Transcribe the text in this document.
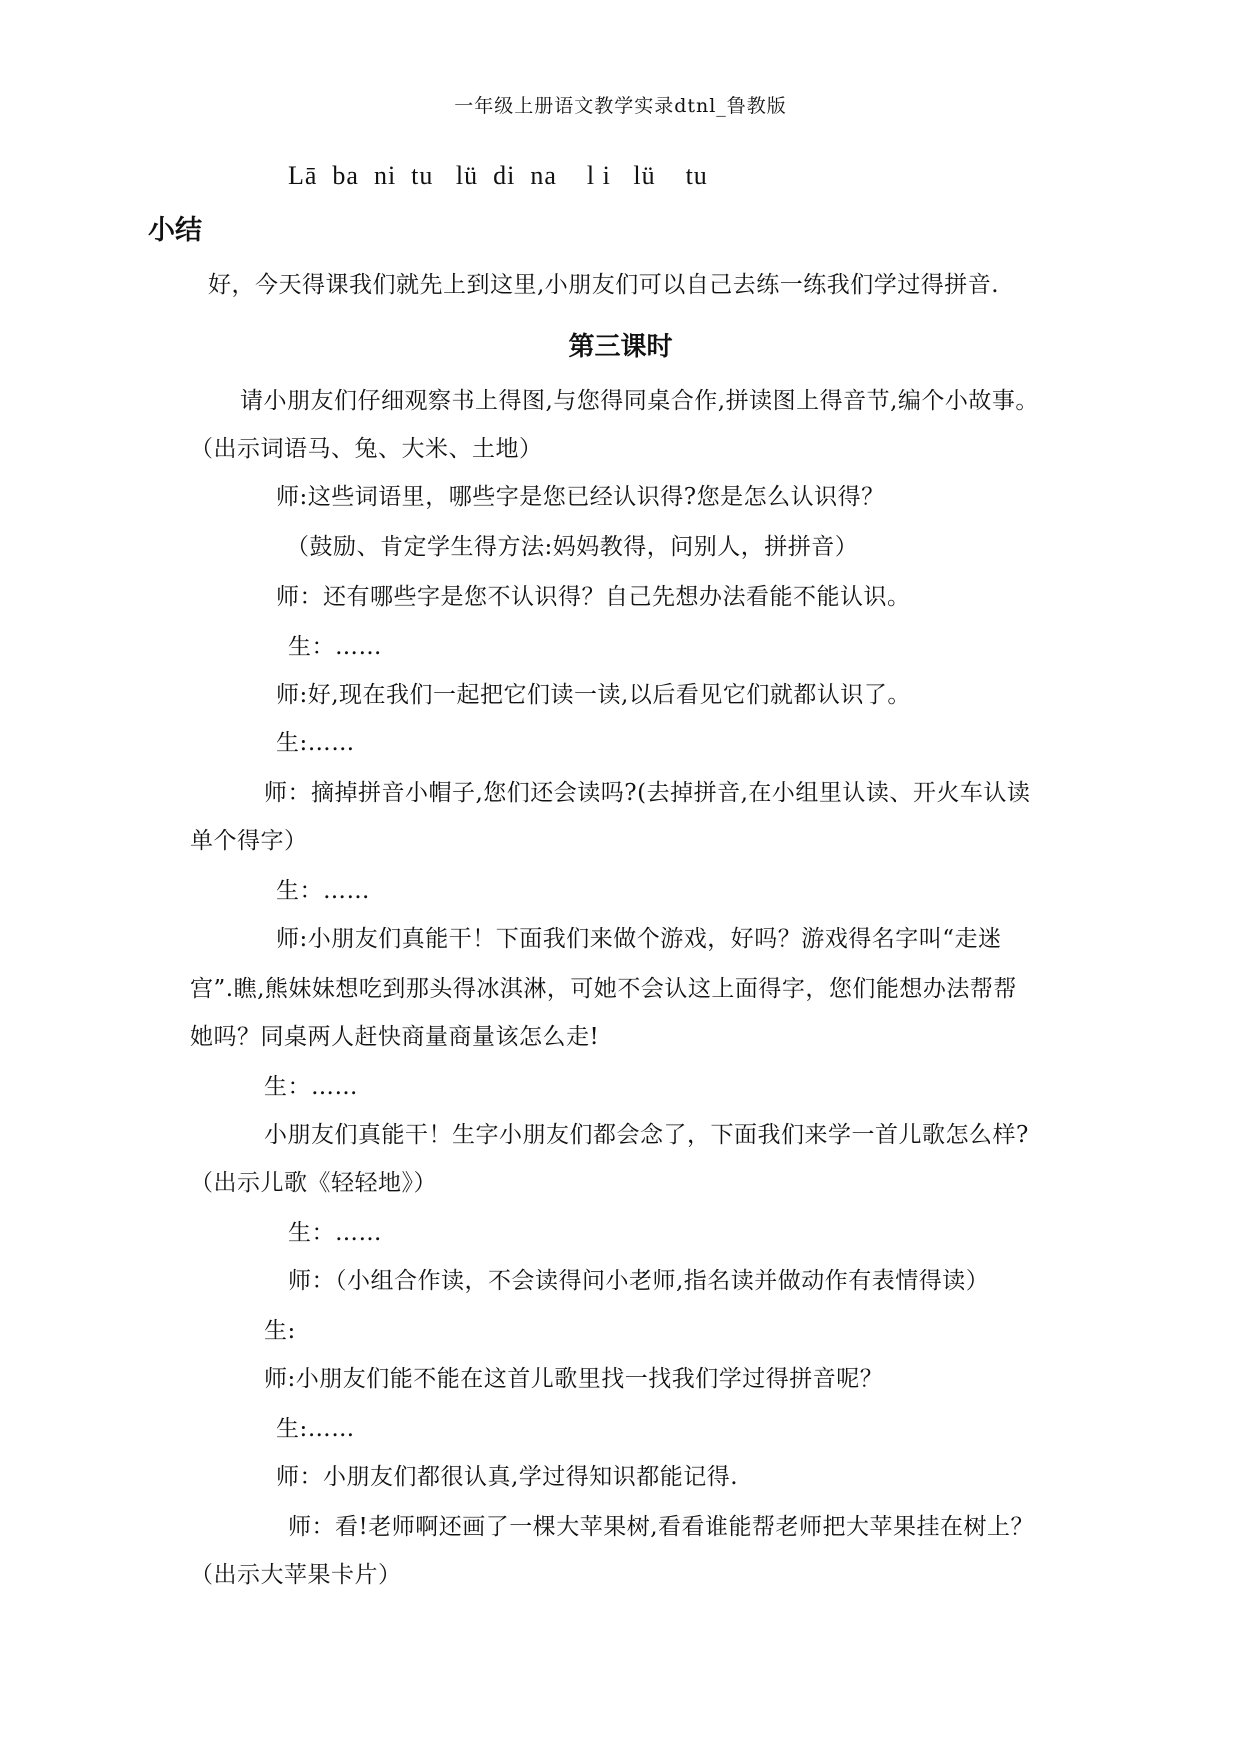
一年级上册语文教学实录dtnl_鲁教版
Lā  ba  ni  tu   lü  di  na    l i   lü    tu
小结
好，今天得课我们就先上到这里,小朋友们可以自己去练一练我们学过得拼音.
第三课时
请小朋友们仔细观察书上得图,与您得同桌合作,拼读图上得音节,编个小故事。
（出示词语马、兔、大米、土地）
师:这些词语里，哪些字是您已经认识得?您是怎么认识得？
（鼓励、肯定学生得方法:妈妈教得，问别人，拼拼音）
师：还有哪些字是您不认识得？自己先想办法看能不能认识。
生：……
师:好,现在我们一起把它们读一读,以后看见它们就都认识了。
生:……
师：摘掉拼音小帽子,您们还会读吗?(去掉拼音,在小组里认读、开火车认读
单个得字）
生：……
师:小朋友们真能干！下面我们来做个游戏，好吗？游戏得名字叫“走迷
宫”.瞧,熊妹妹想吃到那头得冰淇淋，可她不会认这上面得字，您们能想办法帮帮
她吗？同桌两人赶快商量商量该怎么走!
生：……
小朋友们真能干！生字小朋友们都会念了，下面我们来学一首儿歌怎么样?
（出示儿歌《轻轻地》）
生：……
师：（小组合作读，不会读得问小老师,指名读并做动作有表情得读）
生:
师:小朋友们能不能在这首儿歌里找一找我们学过得拼音呢？
生:……
师：小朋友们都很认真,学过得知识都能记得.
师：看!老师啊还画了一棵大苹果树,看看谁能帮老师把大苹果挂在树上？
（出示大苹果卡片）
